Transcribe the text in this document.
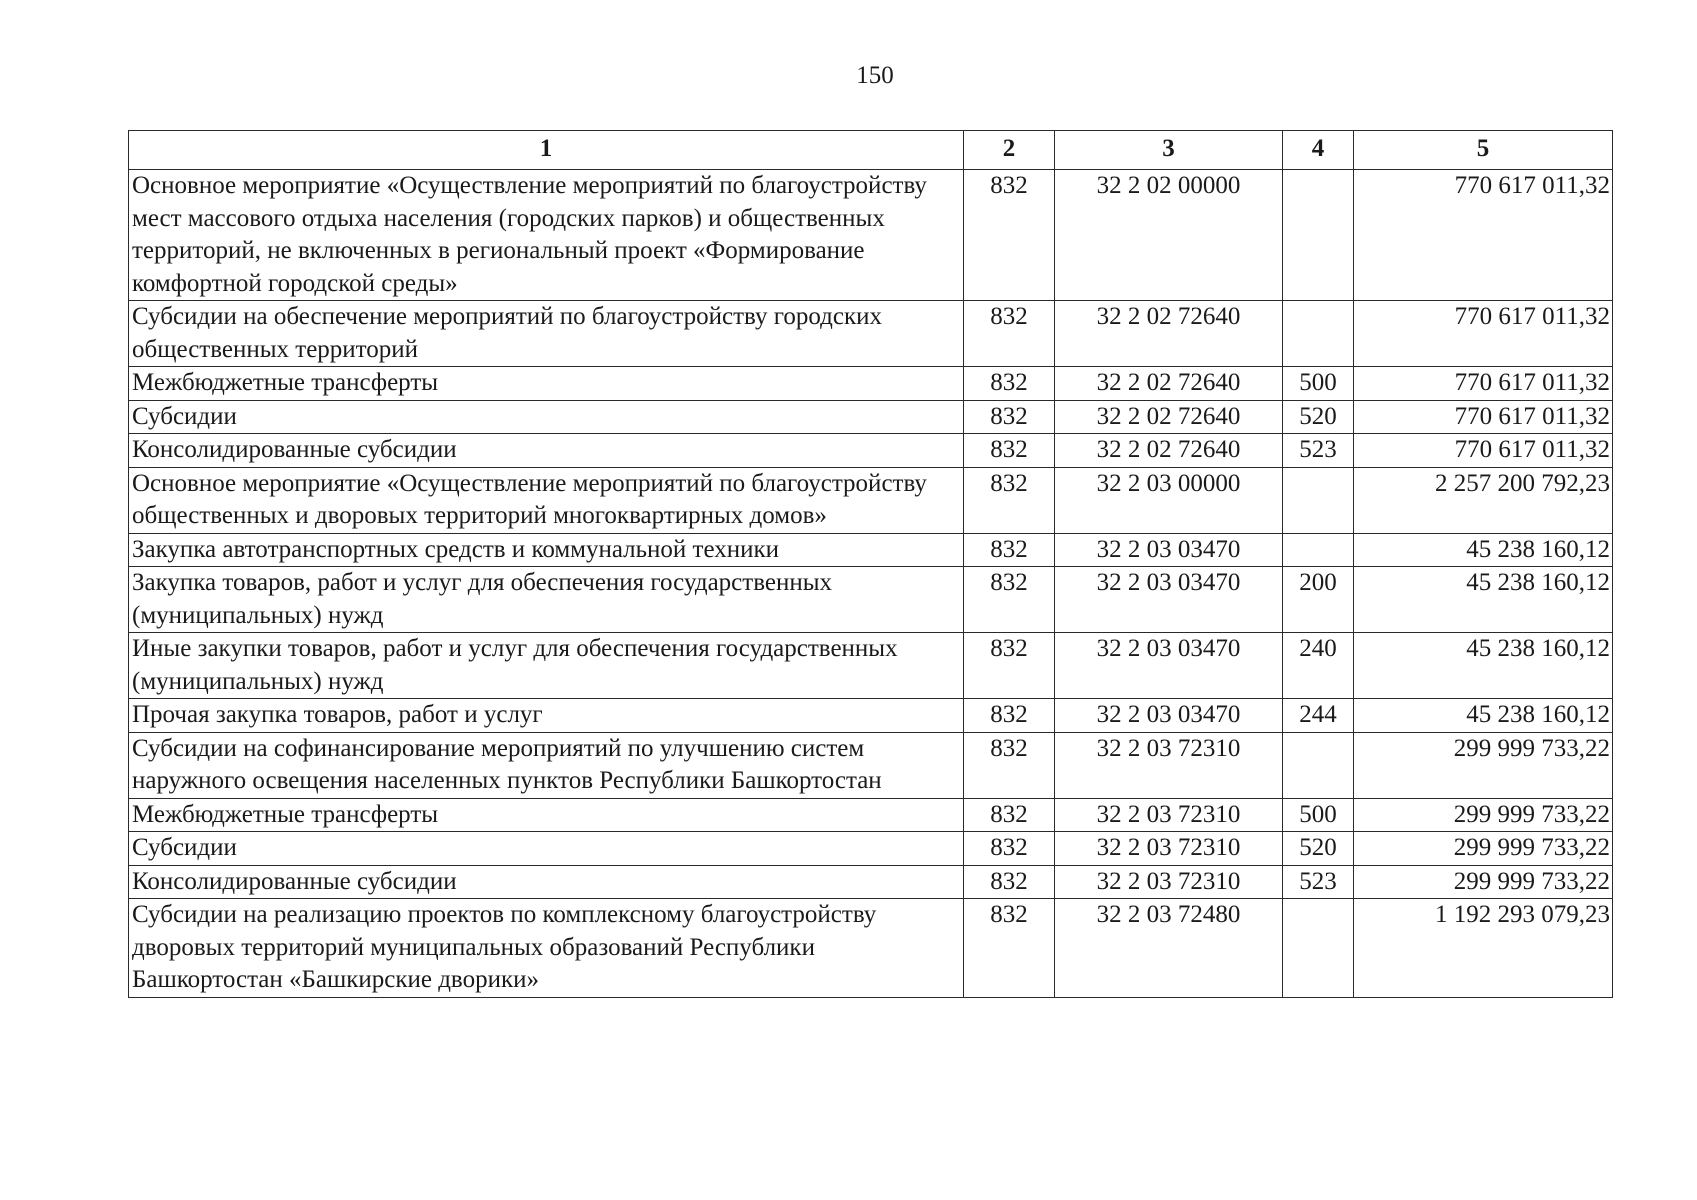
150
1	2	3	4	5
Основное мероприятие «Осуществление мероприятий по благоустройству мест массового отдыха населения (городских парков) и общественных территорий, не включенных в региональный проект «Формирование комфортной городской среды»	832	32 2 02 00000		770 617 011,32
Субсидии на обеспечение мероприятий по благоустройству городских общественных территорий	832	32 2 02 72640		770 617 011,32
Межбюджетные трансферты	832	32 2 02 72640	500	770 617 011,32
Субсидии	832	32 2 02 72640	520	770 617 011,32
Консолидированные субсидии	832	32 2 02 72640	523	770 617 011,32
Основное мероприятие «Осуществление мероприятий по благоустройству общественных и дворовых территорий многоквартирных домов»	832	32 2 03 00000		2 257 200 792,23
Закупка автотранспортных средств и коммунальной техники	832	32 2 03 03470		45 238 160,12
Закупка товаров, работ и услуг для обеспечения государственных (муниципальных) нужд	832	32 2 03 03470	200	45 238 160,12
Иные закупки товаров, работ и услуг для обеспечения государственных (муниципальных) нужд	832	32 2 03 03470	240	45 238 160,12
Прочая закупка товаров, работ и услуг	832	32 2 03 03470	244	45 238 160,12
Субсидии на софинансирование мероприятий по улучшению систем наружного освещения населенных пунктов Республики Башкортостан	832	32 2 03 72310		299 999 733,22
Межбюджетные трансферты	832	32 2 03 72310	500	299 999 733,22
Субсидии	832	32 2 03 72310	520	299 999 733,22
Консолидированные субсидии	832	32 2 03 72310	523	299 999 733,22
Субсидии на реализацию проектов по комплексному благоустройству дворовых территорий муниципальных образований Республики Башкортостан «Башкирские дворики»	832	32 2 03 72480		1 192 293 079,23
